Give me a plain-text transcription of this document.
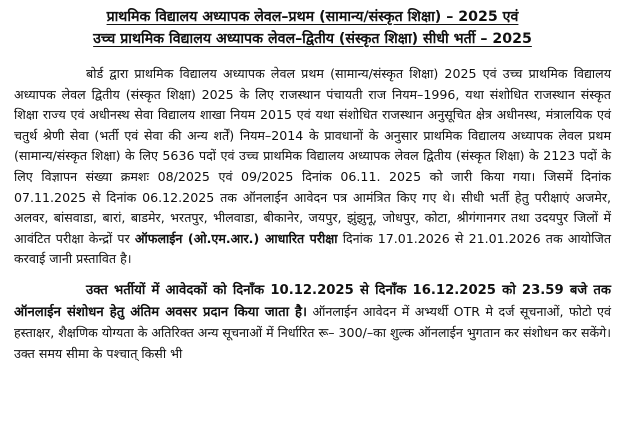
प्राथमिक विद्यालय अध्यापक लेवल–प्रथम (सामान्य/संस्कृत शिक्षा) – 2025 एवं
उच्च प्राथमिक विद्यालय अध्यापक लेवल–द्वितीय (संस्कृत शिक्षा) सीधी भर्ती – 2025

बोर्ड द्वारा प्राथमिक विद्यालय अध्यापक लेवल प्रथम (सामान्य/संस्कृत शिक्षा) 2025 एवं उच्च प्राथमिक विद्यालय अध्यापक लेवल द्वितीय (संस्कृत शिक्षा) 2025 के लिए राजस्थान पंचायती राज नियम–1996, यथा संशोधित राजस्थान संस्कृत शिक्षा राज्य एवं अधीनस्थ सेवा विद्यालय शाखा नियम 2015 एवं यथा संशोधित राजस्थान अनुसूचित क्षेत्र अधीनस्थ, मंत्रालयिक एवं चतुर्थ श्रेणी सेवा (भर्ती एवं सेवा की अन्य शर्तें) नियम–2014 के प्रावधानों के अनुसार प्राथमिक विद्यालय अध्यापक लेवल प्रथम (सामान्य/संस्कृत शिक्षा) के लिए 5636 पदों एवं उच्च प्राथमिक विद्यालय अध्यापक लेवल द्वितीय (संस्कृत शिक्षा) के 2123 पदों के लिए विज्ञापन संख्या क्रमशः 08/2025 एवं 09/2025 दिनांक 06.11. 2025 को जारी किया गया। जिसमें दिनांक 07.11.2025 से दिनांक 06.12.2025 तक ऑनलाईन आवेदन पत्र आमंत्रित किए गए थे। सीधी भर्ती हेतु परीक्षाएं अजमेर, अलवर, बांसवाडा, बारां, बाडमेर, भरतपुर, भीलवाडा, बीकानेर, जयपुर, झुंझुनू, जोधपुर, कोटा, श्रीगंगानगर तथा उदयपुर जिलों में आवंटित परीक्षा केन्द्रों पर ऑफलाईन (ओ.एम.आर.) आधारित परीक्षा दिनांक 17.01.2026 से 21.01.2026 तक आयोजित करवाई जानी प्रस्तावित है।

उक्त भर्तीयों में आवेदकों को दिनाँक 10.12.2025 से दिनाँक 16.12.2025 को 23.59 बजे तक ऑनलाईन संशोधन हेतु अंतिम अवसर प्रदान किया जाता है। ऑनलाईन आवेदन में अभ्यर्थी OTR मे दर्ज सूचनाओं, फोटो एवं हस्ताक्षर, शैक्षणिक योग्यता के अतिरिक्त अन्य सूचनाओं में निर्धारित रू– 300/–का शुल्क ऑनलाईन भुगतान कर संशोधन कर सकेंगे। उक्त समय सीमा के पश्चात् किसी भी
